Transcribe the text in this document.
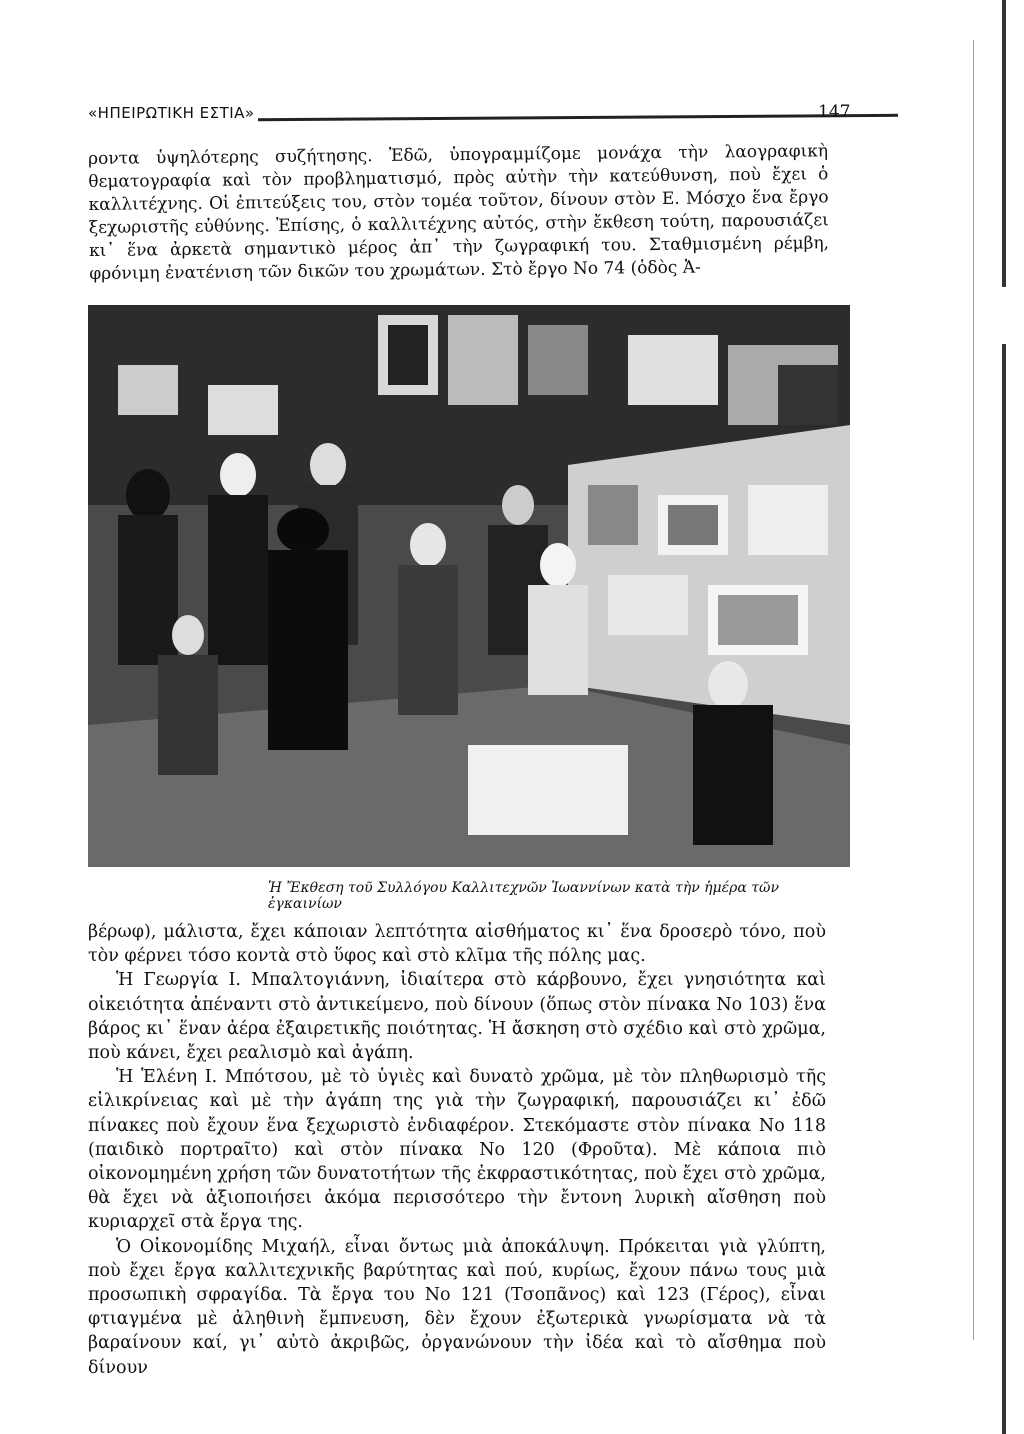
«ΗΠΕΙΡΩΤΙΚΗ ΕΣΤΙΑ»	147

ροντα ὑψηλότερης συζήτησης. Ἐδῶ, ὑπογραμμίζομε μονάχα τὴν λαογραφικὴ θεματογραφία καὶ τὸν προβληματισμό, πρὸς αὐτὴν τὴν κατεύθυνση, ποὺ ἔχει ὁ καλλιτέχνης. Οἱ ἐπιτεύξεις του, στὸν τομέα τοῦτον, δίνουν στὸν Ε. Μόσχο ἕνα ἔργο ξεχωριστῆς εὐθύνης. Ἐπίσης, ὁ καλλιτέχνης αὐτός, στὴν ἔκθεση τούτη, παρουσιάζει κι᾽ ἕνα ἀρκετὰ σημαντικὸ μέρος ἀπ᾽ τὴν ζωγραφική του. Σταθμισμένη ρέμβη, φρόνιμη ἐνατένιση τῶν δικῶν του χρωμάτων. Στὸ ἔργο Νο 74 (ὁδὸς Ἀ-

Ἡ Ἔκθεση τοῦ Συλλόγου Καλλιτεχνῶν Ἰωαννίνων κατὰ τὴν ἡμέρα τῶν ἐγκαινίων

βέρωφ), μάλιστα, ἔχει κάποιαν λεπτότητα αἰσθήματος κι᾽ ἕνα δροσερὸ τόνο, ποὺ τὸν φέρνει τόσο κοντὰ στὸ ὕφος καὶ στὸ κλῖμα τῆς πόλης μας.

Ἡ Γεωργία Ι. Μπαλτογιάννη, ἰδιαίτερα στὸ κάρβουνο, ἔχει γνησιότητα καὶ οἰκειότητα ἀπέναντι στὸ ἀντικείμενο, ποὺ δίνουν (ὅπως στὸν πίνακα Νο 103) ἕνα βάρος κι᾽ ἕναν ἀέρα ἐξαιρετικῆς ποιότητας. Ἡ ἄσκηση στὸ σχέδιο καὶ στὸ χρῶμα, ποὺ κάνει, ἔχει ρεαλισμὸ καὶ ἀγάπη.

Ἡ Ἑλένη Ι. Μπότσου, μὲ τὸ ὑγιὲς καὶ δυνατὸ χρῶμα, μὲ τὸν πληθωρισμὸ τῆς εἰλικρίνειας καὶ μὲ τὴν ἀγάπη της γιὰ τὴν ζωγραφική, παρουσιάζει κι᾽ ἐδῶ πίνακες ποὺ ἔχουν ἕνα ξεχωριστὸ ἐνδιαφέρον. Στεκόμαστε στὸν πίνακα Νο 118 (παιδικὸ πορτραῖτο) καὶ στὸν πίνακα Νο 120 (Φροῦτα). Μὲ κάποια πιὸ οἰκονομημένη χρήση τῶν δυνατοτήτων τῆς ἐκφραστικότητας, ποὺ ἔχει στὸ χρῶμα, θὰ ἔχει νὰ ἀξιοποιήσει ἀκόμα περισσότερο τὴν ἔντονη λυρικὴ αἴσθηση ποὺ κυριαρχεῖ στὰ ἔργα της.

Ὁ Οἰκονομίδης Μιχαήλ, εἶναι ὄντως μιὰ ἀποκάλυψη. Πρόκειται γιὰ γλύπτη, ποὺ ἔχει ἔργα καλλιτεχνικῆς βαρύτητας καὶ πού, κυρίως, ἔχουν πάνω τους μιὰ προσωπικὴ σφραγίδα. Τὰ ἔργα του Νο 121 (Τσοπᾶνος) καὶ 123 (Γέρος), εἶναι φτιαγμένα μὲ ἀληθινὴ ἔμπνευση, δὲν ἔχουν ἐξωτερικὰ γνωρίσματα νὰ τὰ βαραίνουν καί, γι᾽ αὐτὸ ἀκριβῶς, ὀργανώνουν τὴν ἰδέα καὶ τὸ αἴσθημα ποὺ δίνουν
